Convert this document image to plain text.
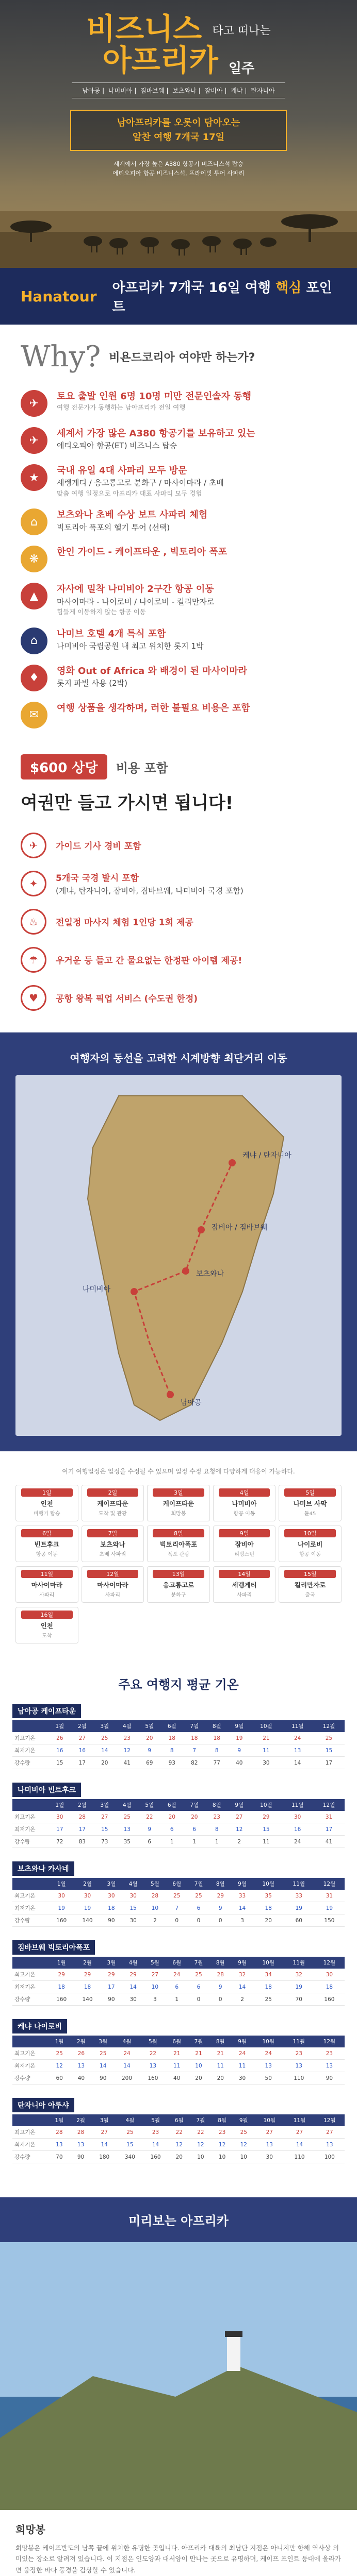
비즈니스 타고 떠나는
아프리카 일주
남아공 | 나미비아 | 짐바브웨 | 보츠와나 | 잠비아 | 케냐 | 탄자니아

남아프리카를 오롯이 담아오는

알찬 여행 7개국 17일

세계에서 가장 높은 A380 항공기 비즈니스석 탑승
에티오피아 항공 비즈니스석, 프라이빗 투어 사파리
Hanatour 아프리카 7개국 16일 여행 핵심 포인트
Why? 비욘드코리아 여야만 하는가?
✈
토요 출발 인원 6명 10명 미만 전문인솔자 동행
여행 전문가가 동행하는 남아프리카 전일 여행
✈
세계서 가장 많은 A380 항공기를 보유하고 있는
에티오피아 항공(ET) 비즈니스 탑승
★
국내 유일 4대 사파리 모두 방문
세렝게티 / 응고롱고로 분화구 / 마사이마라 / 초베
맞춤 여행 일정으로 아프리카 대표 사파리 모두 경험
⌂
보츠와나 초베 수상 보트 사파리 체험
빅토리아 폭포의 헬기 투어 (선택)
❋
한인 가이드 - 케이프타운 , 빅토리아 폭포
▲
자사에 밀착 나미비아 2구간 항공 이동
마사이마라 - 나이로비 / 나이로비 - 킬리만자로
힘들게 이동하지 않는 항공 이동
⌂
나미브 호텔 4개 특식 포함
나미비아 국립공원 내 최고 위치한 롯지 1박
♦
영화 Out of Africa 와 배경이 된 마사이마라
롯지 파빌 사용 (2박)
✉
여행 상품을 생각하며, 러한 불필요 비용은 포함
$600 상당 비용 포함
여권만 들고 가시면 됩니다!
✈	가이드 기사 경비 포함
✦	5개국 국경 발시 포함
(케냐, 탄자니아, 잠비아, 짐바브웨, 나미비아 국경 포함)
♨	전일정 마사지 체험 1인당 1회 제공
☂	우거운 등 들고 간 물요없는 한정판 아이템 제공!
♥	공항 왕복 픽업 서비스 (수도권 한정)
여행자의 동선을 고려한 시계방향 최단거리 이동
케냐 / 탄자니아
잠비아 / 짐바브웨
보츠와나
나미비아
남아공
여기 여행일정은 일정을 수정될 수 있으며 일정 수정 요청에 다양하게 대응이 가능하다.
1일
인천
비행기 탑승
2일
케이프타운
도착 및 관광
3일
케이프타운
희망봉
4일
나미비아
항공 이동
5일
나미브 사막
듄45
6일
빈트후크
항공 이동
7일
보츠와나
초베 사파리
8일
빅토리아폭포
폭포 관광
9일
잠비아
리빙스턴
10일
나이로비
항공 이동
11일
마사이마라
사파리
12일
마사이마라
사파리
13일
응고롱고로
분화구
14일
세렝게티
사파리
15일
킬리만자로
출국
16일
인천
도착
주요 여행지 평균 기온
남아공 케이프타운
	1월	2월	3월	4월	5월	6월	7월	8월	9월	10월	11월	12월
최고기온	26	27	25	23	20	18	18	18	19	21	24	25
최저기온	16	16	14	12	9	8	7	8	9	11	13	15
강수량	15	17	20	41	69	93	82	77	40	30	14	17
나미비아 빈트후크
	1월	2월	3월	4월	5월	6월	7월	8월	9월	10월	11월	12월
최고기온	30	28	27	25	22	20	20	23	27	29	30	31
최저기온	17	17	15	13	9	6	6	8	12	15	16	17
강수량	72	83	73	35	6	1	1	1	2	11	24	41
보츠와나 카사네
	1월	2월	3월	4월	5월	6월	7월	8월	9월	10월	11월	12월
최고기온	30	30	30	30	28	25	25	29	33	35	33	31
최저기온	19	19	18	15	10	7	6	9	14	18	19	19
강수량	160	140	90	30	2	0	0	0	3	20	60	150
짐바브웨 빅토리아폭포
	1월	2월	3월	4월	5월	6월	7월	8월	9월	10월	11월	12월
최고기온	29	29	29	29	27	24	25	28	32	34	32	30
최저기온	18	18	17	14	10	6	6	9	14	18	19	18
강수량	160	140	90	30	3	1	0	0	2	25	70	160
케냐 나이로비
	1월	2월	3월	4월	5월	6월	7월	8월	9월	10월	11월	12월
최고기온	25	26	25	24	22	21	21	21	24	24	23	23
최저기온	12	13	14	14	13	11	10	11	11	13	13	13
강수량	60	40	90	200	160	40	20	20	30	50	110	90
탄자니아 아루샤
	1월	2월	3월	4월	5월	6월	7월	8월	9월	10월	11월	12월
최고기온	28	28	27	25	23	22	22	23	25	27	27	27
최저기온	13	13	14	15	14	12	12	12	12	13	14	13
강수량	70	90	180	340	160	20	10	10	10	30	110	100
미리보는 아프리카
희망봉
희망봉은 케이프반도의 남쪽 끝에 위치한 유명한 곶입니다. 아프리카 대륙의 최남단 지점은 아니지만 항해 역사상 의미있는 장소로 알려져 있습니다. 이 지점은 인도양과 대서양이 만나는 곳으로 유명하며, 케이프 포인트 등대에 올라가면 웅장한 바다 풍경을 감상할 수 있습니다.
